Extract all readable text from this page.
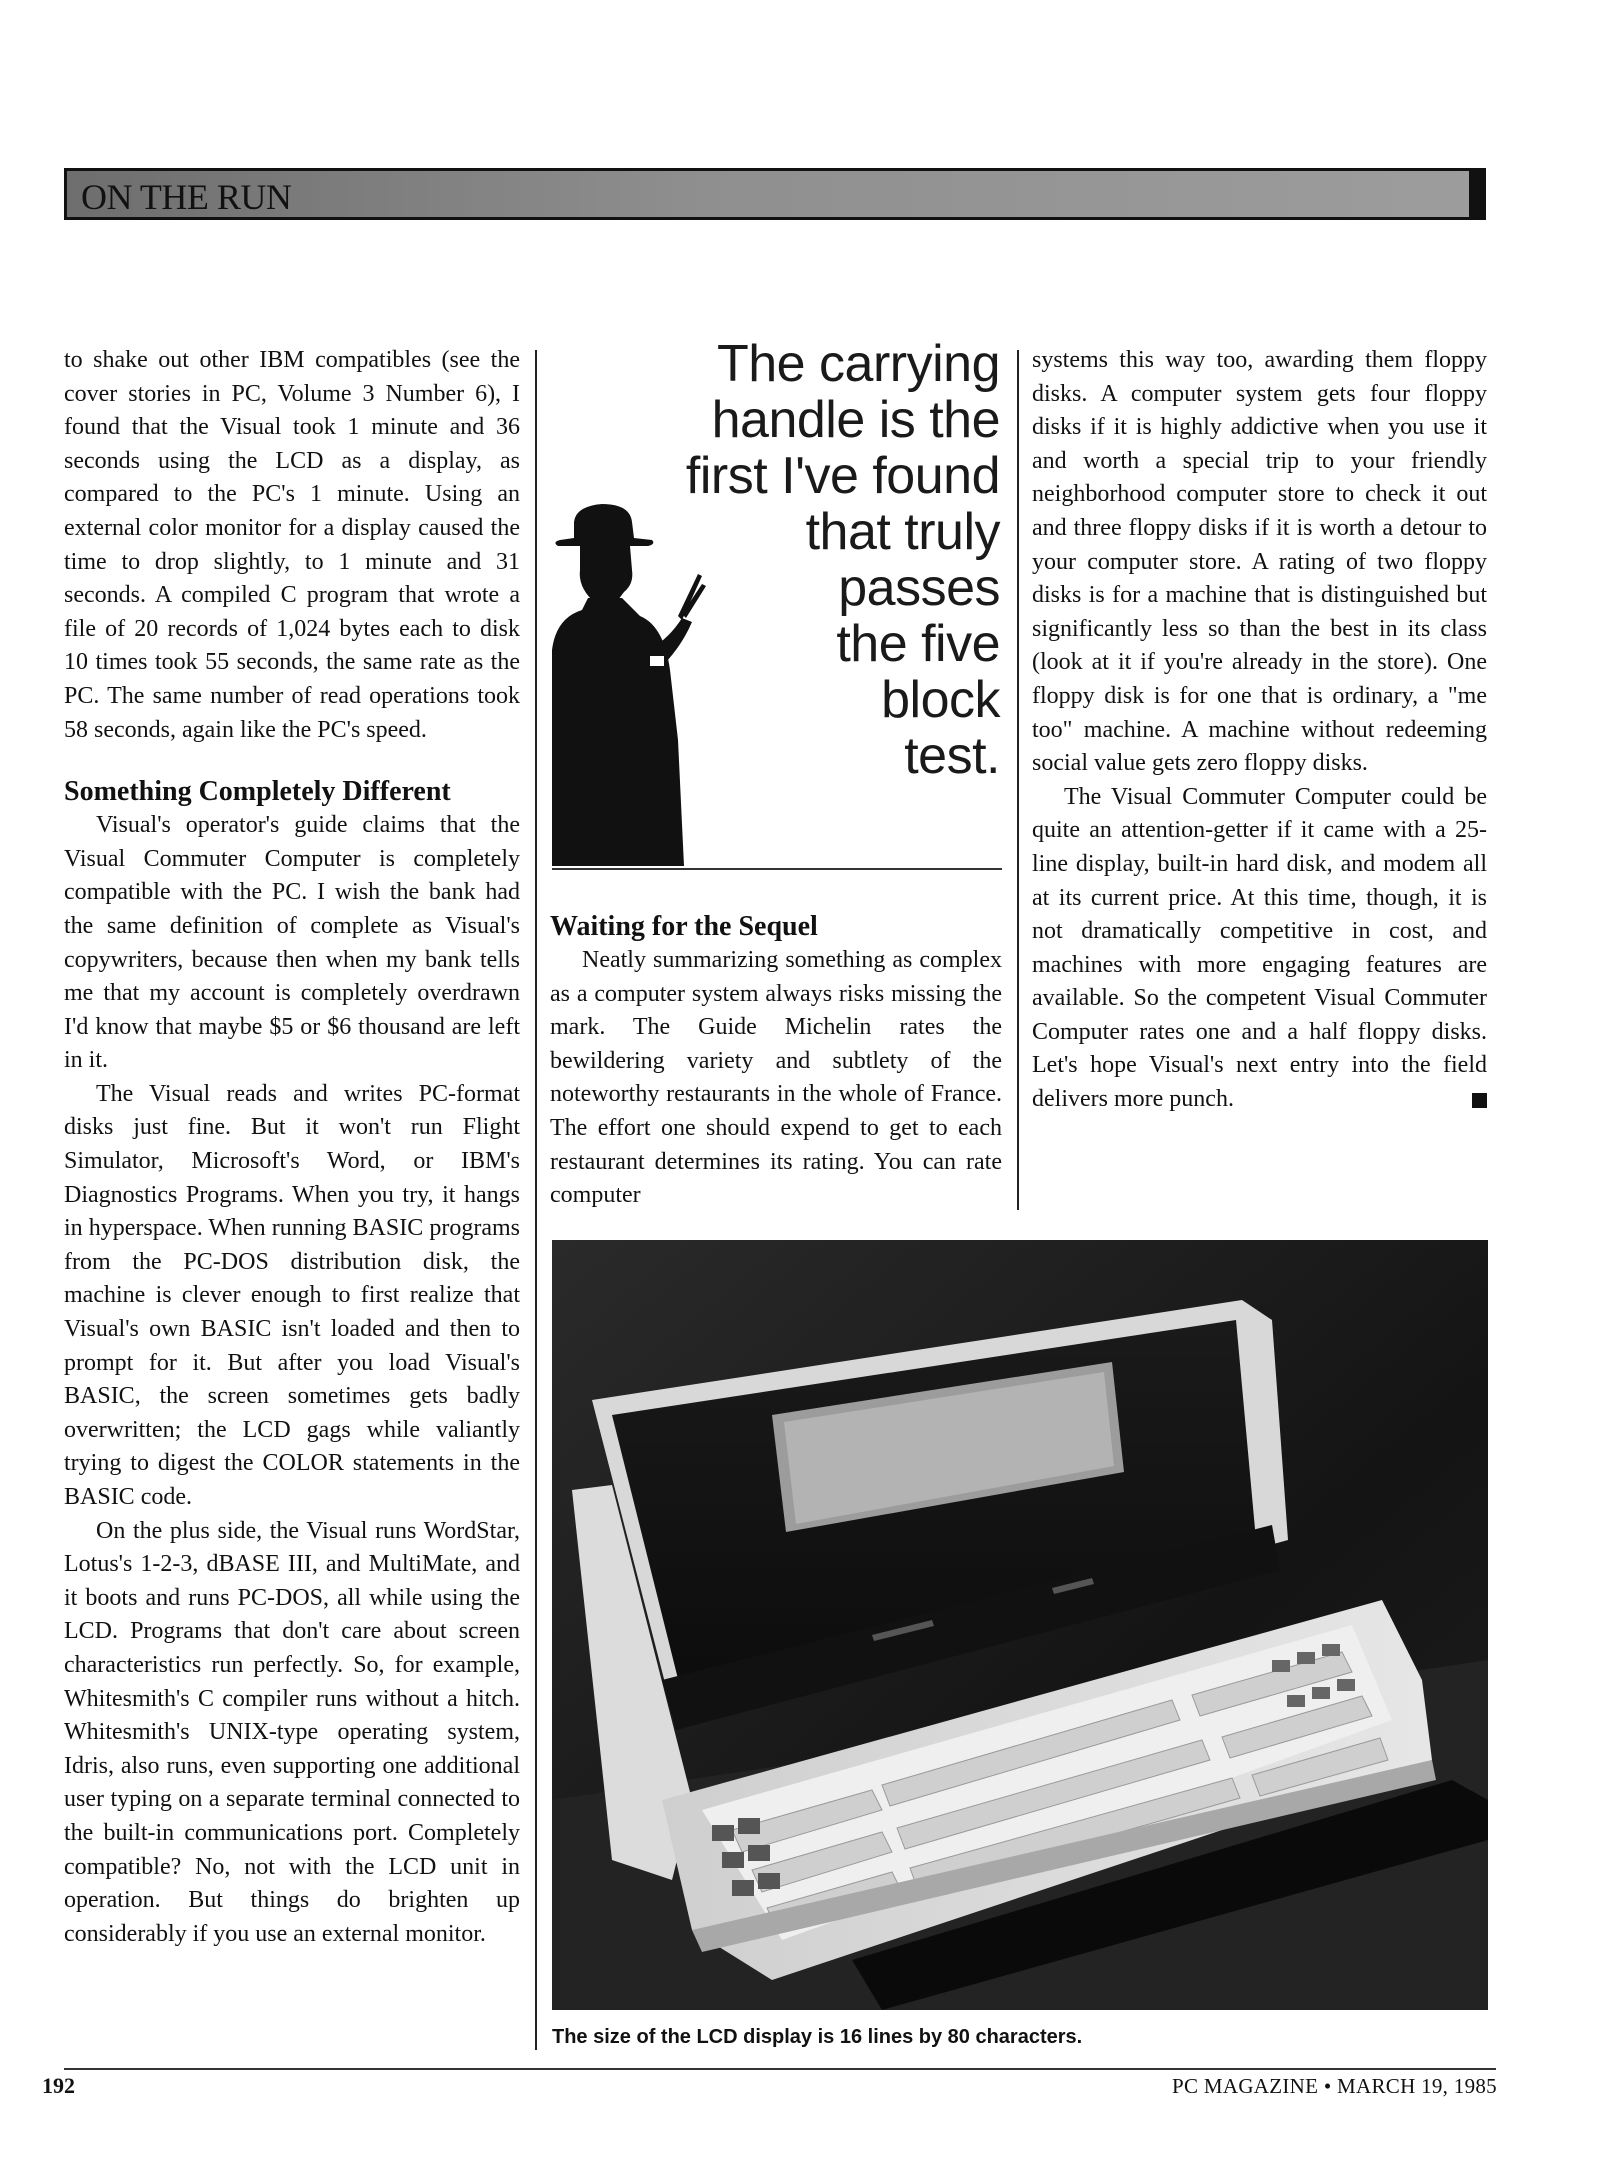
ON THE RUN

to shake out other IBM compatibles (see the cover stories in PC, Volume 3 Number 6), I found that the Visual took 1 minute and 36 seconds using the LCD as a display, as compared to the PC's 1 minute. Using an external color monitor for a display caused the time to drop slightly, to 1 minute and 31 seconds. A compiled C program that wrote a file of 20 records of 1,024 bytes each to disk 10 times took 55 seconds, the same rate as the PC. The same number of read operations took 58 seconds, again like the PC's speed.

Something Completely Different

Visual's operator's guide claims that the Visual Commuter Computer is completely compatible with the PC. I wish the bank had the same definition of complete as Visual's copywriters, because then when my bank tells me that my account is completely overdrawn I'd know that maybe $5 or $6 thousand are left in it.

The Visual reads and writes PC-format disks just fine. But it won't run Flight Simulator, Microsoft's Word, or IBM's Diagnostics Programs. When you try, it hangs in hyperspace. When running BASIC programs from the PC-DOS distribution disk, the machine is clever enough to first realize that Visual's own BASIC isn't loaded and then to prompt for it. But after you load Visual's BASIC, the screen sometimes gets badly overwritten; the LCD gags while valiantly trying to digest the COLOR statements in the BASIC code.

On the plus side, the Visual runs WordStar, Lotus's 1-2-3, dBASE III, and MultiMate, and it boots and runs PC-DOS, all while using the LCD. Programs that don't care about screen characteristics run perfectly. So, for example, Whitesmith's C compiler runs without a hitch. Whitesmith's UNIX-type operating system, Idris, also runs, even supporting one additional user typing on a separate terminal connected to the built-in communications port. Completely compatible? No, not with the LCD unit in operation. But things do brighten up considerably if you use an external monitor.

The carrying
handle is the
first I've found
that truly
passes
the five
block
test.
Waiting for the Sequel

Neatly summarizing something as complex as a computer system always risks missing the mark. The Guide Michelin rates the bewildering variety and subtlety of the noteworthy restaurants in the whole of France. The effort one should expend to get to each restaurant determines its rating. You can rate computer

systems this way too, awarding them floppy disks. A computer system gets four floppy disks if it is highly addictive when you use it and worth a special trip to your friendly neighborhood computer store to check it out and three floppy disks if it is worth a detour to your computer store. A rating of two floppy disks is for a machine that is distinguished but significantly less so than the best in its class (look at it if you're already in the store). One floppy disk is for one that is ordinary, a "me too" machine. A machine without redeeming social value gets zero floppy disks.

The Visual Commuter Computer could be quite an attention-getter if it came with a 25-line display, built-in hard disk, and modem all at its current price. At this time, though, it is not dramatically competitive in cost, and machines with more engaging features are available. So the competent Visual Commuter Computer rates one and a half floppy disks. Let's hope Visual's next entry into the field delivers more punch.

The size of the LCD display is 16 lines by 80 characters.
192	PC MAGAZINE • MARCH 19, 1985
